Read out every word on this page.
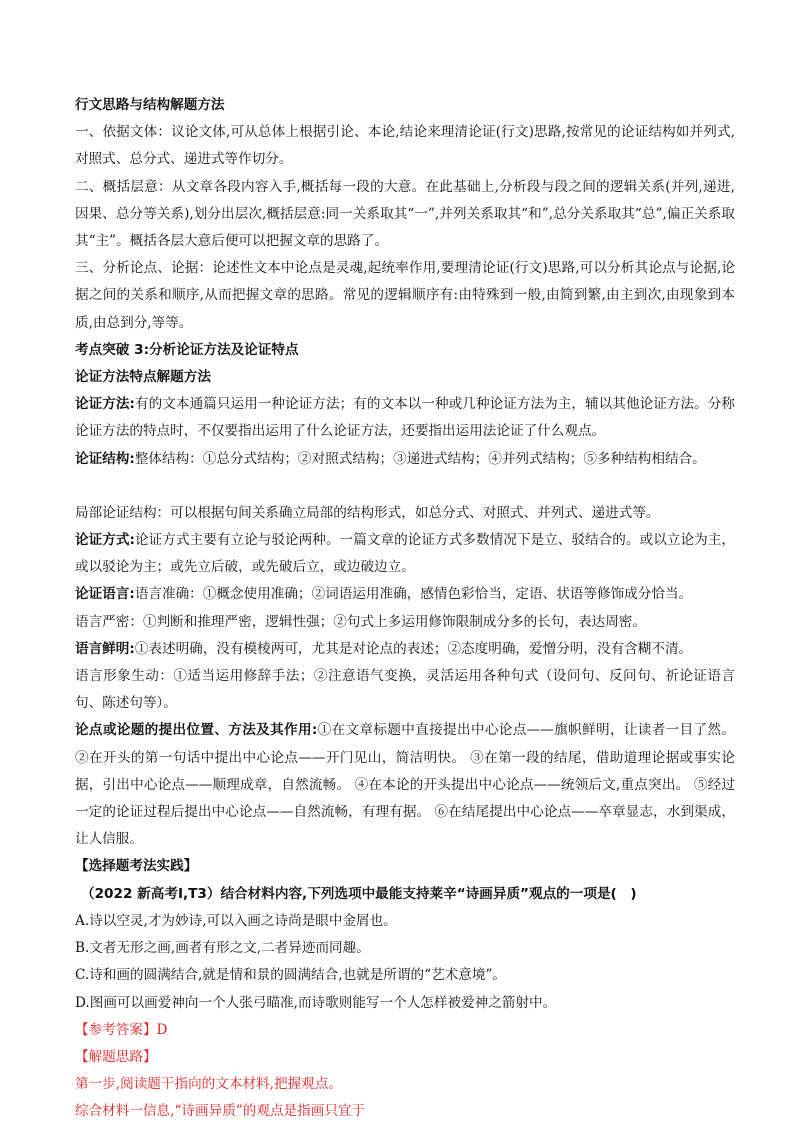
行文思路与结构解题方法

一、依据文体：议论文体,可从总体上根据引论、本论,结论来理清论证(行文)思路,按常见的论证结构如并列式,对照式、总分式、递进式等作切分。

二、概括层意：从文章各段内容入手,概括每一段的大意。在此基础上,分析段与段之间的逻辑关系(并列,递进,因果、总分等关系),划分出层次,概括层意:同一关系取其“一”,并列关系取其“和”,总分关系取其“总”,偏正关系取其“主”。概括各层大意后便可以把握文章的思路了。

三、分析论点、论据：论述性文本中论点是灵魂,起统率作用,要理清论证(行文)思路,可以分析其论点与论据,论据之间的关系和顺序,从而把握文章的思路。常见的逻辑顺序有:由特殊到一般,由简到繁,由主到次,由现象到本质,由总到分,等等。

考点突破 3:分析论证方法及论证特点

论证方法特点解题方法

论证方法:有的文本通篇只运用一种论证方法；有的文本以一种或几种论证方法为主，辅以其他论证方法。分称论证方法的特点时，不仅要指出运用了什么论证方法，还要指出运用法论证了什么观点。

论证结构:整体结构：①总分式结构；②对照式结构；③递进式结构；④并列式结构；⑤多种结构相结合。

局部论证结构：可以根据句间关系确立局部的结构形式，如总分式、对照式、并列式、递进式等。

论证方式:论证方式主要有立论与驳论两种。一篇文章的论证方式多数情况下是立、驳结合的。或以立论为主，或以驳论为主；或先立后破，或先破后立，或边破边立。

论证语言:语言准确：①概念使用准确；②词语运用准确，感情色彩恰当，定语、状语等修饰成分恰当。

语言严密：①判断和推理严密，逻辑性强；②句式上多运用修饰限制成分多的长句，表达周密。

语言鲜明:①表述明确，没有模棱两可，尤其是对论点的表述；②态度明确，爱憎分明，没有含糊不清。

语言形象生动：①适当运用修辞手法；②注意语气变换，灵活运用各种句式（设问句、反问句、祈论证语言 句、陈述句等）。

论点或论题的提出位置、方法及其作用:①在文章标题中直接提出中心论点——旗帜鲜明，让读者一目了然。 ②在开头的第一句话中提出中心论点——开门见山，简洁明快。 ③在第一段的结尾，借助道理论据或事实论据，引出中心论点——顺理成章，自然流畅。 ④在本论的开头提出中心论点——统领后文,重点突出。 ⑤经过一定的论证过程后提出中心论点——自然流畅，有理有据。 ⑥在结尾提出中心论点——卒章显志，水到渠成，让人信服。

【选择题考法实践】

（2022 新高考Ⅰ,T3）结合材料内容,下列选项中最能支持莱辛“诗画异质”观点的一项是(　)

A.诗以空灵,才为妙诗,可以入画之诗尚是眼中金屑也。

B.文者无形之画,画者有形之文,二者异迹而同趣。

C.诗和画的圆满结合,就是情和景的圆满结合,也就是所谓的“艺术意境”。

D.图画可以画爱神向一个人张弓瞄准,而诗歌则能写一个人怎样被爱神之箭射中。

【参考答案】D

【解题思路】

第一步,阅读题干指向的文本材料,把握观点。

综合材料一信息,“诗画异质”的观点是指画只宜于
